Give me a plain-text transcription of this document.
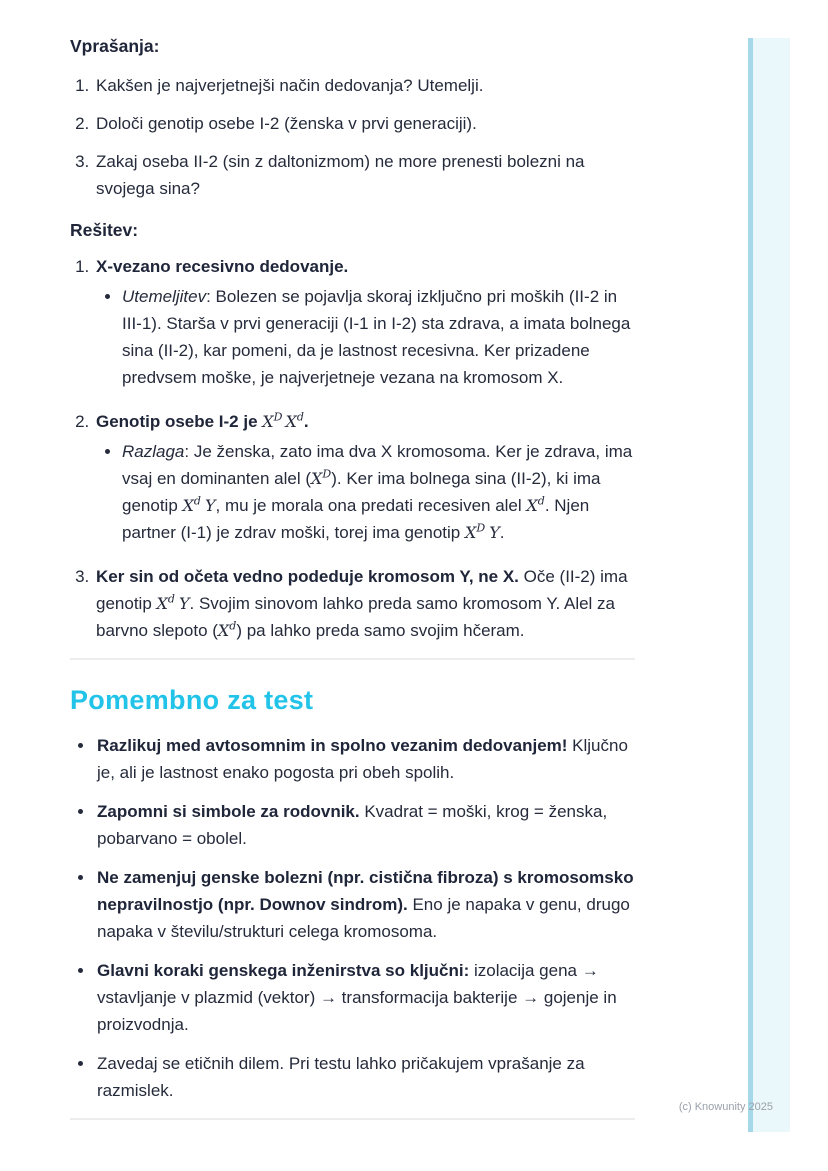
Vprašanja:
1. Kakšen je najverjetnejši način dedovanja? Utemelji.
2. Določi genotip osebe I-2 (ženska v prvi generaciji).
3. Zakaj oseba II-2 (sin z daltonizmom) ne more prenesti bolezni na svojega sina?
Rešitev:
1. X-vezano recesivno dedovanje.
• Utemeljitev: Bolezen se pojavlja skoraj izključno pri moških (II-2 in III-1). Starša v prvi generaciji (I-1 in I-2) sta zdrava, a imata bolnega sina (II-2), kar pomeni, da je lastnost recesivna. Ker prizadene predvsem moške, je najverjetneje vezana na kromosom X.
2. Genotip osebe I-2 je $X^D$ $X^d$.
• Razlaga: Je ženska, zato ima dva X kromosoma. Ker je zdrava, ima vsaj en dominanten alel $(X^D)$. Ker ima bolnega sina (II-2), ki ima genotip $X^d$ Y, mu je morala ona predati recesiven alel $X^d$. Njen partner (I-1) je zdrav moški, torej ima genotip $X^D$ Y.
3. Ker sin od očeta vedno podeduje kromosom Y, ne X. Oče (II-2) ima genotip $X^d$ Y. Svojim sinovom lahko preda samo kromosom Y. Alel za barvno slepoto $(X^d)$ pa lahko preda samo svojim hčeram.
Pomembno za test
• Razlikuj med avtosomnim in spolno vezanim dedovanjem! Ključno je, ali je lastnost enako pogosta pri obeh spolih.
• Zapomni si simbole za rodovnik. Kvadrat = moški, krog = ženska, pobarvano = obolel.
• Ne zamenjuj genske bolezni (npr. cistična fibroza) s kromosomsko nepravilnostjo (npr. Downov sindrom). Eno je napaka v genu, drugo napaka v številu/strukturi celega kromosoma.
• Glavni koraki genskega inženirstva so ključni: izolacija gena → vstavljanje v plazmid (vektor) → transformacija bakterije → gojenje in proizvodnja.
• Zavedaj se etičnih dilem. Pri testu lahko pričakujem vprašanje za razmislek.
(c) Knowunity 2025
